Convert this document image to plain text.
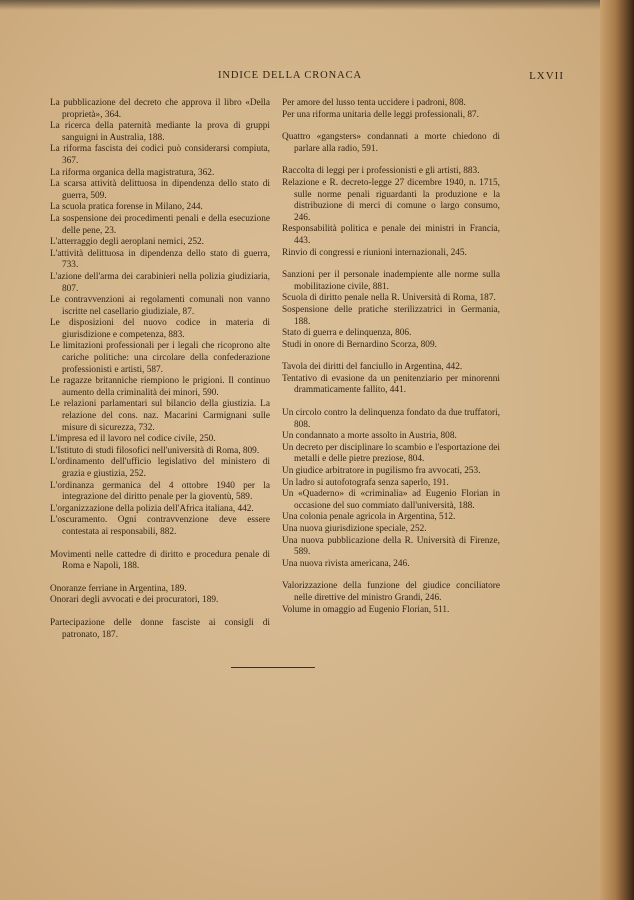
INDICE DELLA CRONACA	LXVII

La pubblicazione del decreto che approva il libro «Della proprietà», 364.

La ricerca della paternità mediante la prova di gruppi sanguigni in Australia, 188.

La riforma fascista dei codici può considerarsi compiuta, 367.

La riforma organica della magistratura, 362.

La scarsa attività delittuosa in dipendenza dello stato di guerra, 509.

La scuola pratica forense in Milano, 244.

La sospensione dei procedimenti penali e della esecuzione delle pene, 23.

L'atterraggio degli aeroplani nemici, 252.

L'attività delittuosa in dipendenza dello stato di guerra, 733.

L'azione dell'arma dei carabinieri nella polizia giudiziaria, 807.

Le contravvenzioni ai regolamenti comunali non vanno iscritte nel casellario giudiziale, 87.

Le disposizioni del nuovo codice in materia di giurisdizione e competenza, 883.

Le limitazioni professionali per i legali che ricoprono alte cariche politiche: una circolare della confederazione professionisti e artisti, 587.

Le ragazze britanniche riempiono le prigioni. Il continuo aumento della criminalità dei minori, 590.

Le relazioni parlamentari sul bilancio della giustizia. La relazione del cons. naz. Macarini Carmignani sulle misure di sicurezza, 732.

L'impresa ed il lavoro nel codice civile, 250.

L'Istituto di studi filosofici nell'università di Roma, 809.

L'ordinamento dell'ufficio legislativo del ministero di grazia e giustizia, 252.

L'ordinanza germanica del 4 ottobre 1940 per la integrazione del diritto penale per la gioventù, 589.

L'organizzazione della polizia dell'Africa italiana, 442.

L'oscuramento. Ogni contravvenzione deve essere contestata ai responsabili, 882.

Movimenti nelle cattedre di diritto e procedura penale di Roma e Napoli, 188.

Onoranze ferriane in Argentina, 189.

Onorari degli avvocati e dei procuratori, 189.

Partecipazione delle donne fasciste ai consigli di patronato, 187.

Per amore del lusso tenta uccidere i padroni, 808.

Per una riforma unitaria delle leggi professionali, 87.

Quattro «gangsters» condannati a morte chiedono di parlare alla radio, 591.

Raccolta di leggi per i professionisti e gli artisti, 883.

Relazione e R. decreto-legge 27 dicembre 1940, n. 1715, sulle norme penali riguardanti la produzione e la distribuzione di merci di comune o largo consumo, 246.

Responsabilità politica e penale dei ministri in Francia, 443.

Rinvio di congressi e riunioni internazionali, 245.

Sanzioni per il personale inadempiente alle norme sulla mobilitazione civile, 881.

Scuola di diritto penale nella R. Università di Roma, 187.

Sospensione delle pratiche sterilizzatrici in Germania, 188.

Stato di guerra e delinquenza, 806.

Studi in onore di Bernardino Scorza, 809.

Tavola dei diritti del fanciullo in Argentina, 442.

Tentativo di evasione da un penitenziario per minorenni drammaticamente fallito, 441.

Un circolo contro la delinquenza fondato da due truffatori, 808.

Un condannato a morte assolto in Austria, 808.

Un decreto per disciplinare lo scambio e l'esportazione dei metalli e delle pietre preziose, 804.

Un giudice arbitratore in pugilismo fra avvocati, 253.

Un ladro si autofotografa senza saperlo, 191.

Un «Quaderno» di «criminalia» ad Eugenio Florian in occasione del suo commiato dall'università, 188.

Una colonia penale agricola in Argentina, 512.

Una nuova giurisdizione speciale, 252.

Una nuova pubblicazione della R. Università di Firenze, 589.

Una nuova rivista americana, 246.

Valorizzazione della funzione del giudice conciliatore nelle direttive del ministro Grandi, 246.

Volume in omaggio ad Eugenio Florian, 511.
